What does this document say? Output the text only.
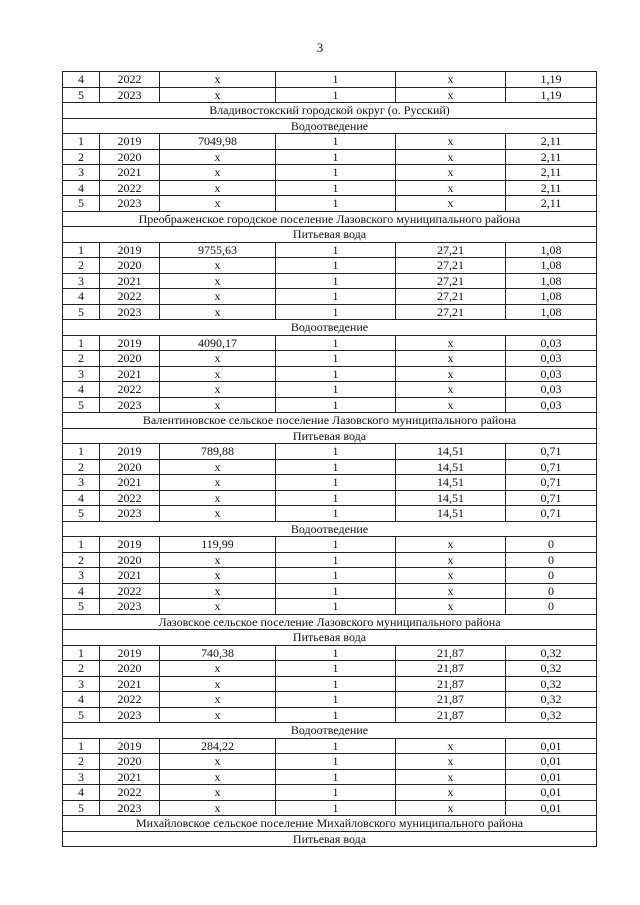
3
4	2022	x	1	x	1,19
5	2023	x	1	x	1,19
Владивостокский городской округ (о. Русский)					
Водоотведение					
1	2019	7049,98	1	x	2,11
2	2020	x	1	x	2,11
3	2021	x	1	x	2,11
4	2022	x	1	x	2,11
5	2023	x	1	x	2,11
Преображенское городское поселение Лазовского муниципального района					
Питьевая вода					
1	2019	9755,63	1	27,21	1,08
2	2020	x	1	27,21	1,08
3	2021	x	1	27,21	1,08
4	2022	x	1	27,21	1,08
5	2023	x	1	27,21	1,08
Водоотведение					
1	2019	4090,17	1	x	0,03
2	2020	x	1	x	0,03
3	2021	x	1	x	0,03
4	2022	x	1	x	0,03
5	2023	x	1	x	0,03
Валентиновское сельское поселение Лазовского муниципального района					
Питьевая вода					
1	2019	789,88	1	14,51	0,71
2	2020	x	1	14,51	0,71
3	2021	x	1	14,51	0,71
4	2022	x	1	14,51	0,71
5	2023	x	1	14,51	0,71
Водоотведение					
1	2019	119,99	1	x	0
2	2020	x	1	x	0
3	2021	x	1	x	0
4	2022	x	1	x	0
5	2023	x	1	x	0
Лазовское сельское поселение Лазовского муниципального района					
Питьевая вода					
1	2019	740,38	1	21,87	0,32
2	2020	x	1	21,87	0,32
3	2021	x	1	21,87	0,32
4	2022	x	1	21,87	0,32
5	2023	x	1	21,87	0,32
Водоотведение					
1	2019	284,22	1	x	0,01
2	2020	x	1	x	0,01
3	2021	x	1	x	0,01
4	2022	x	1	x	0,01
5	2023	x	1	x	0,01
Михайловское сельское поселение Михайловского муниципального района					
Питьевая вода					
